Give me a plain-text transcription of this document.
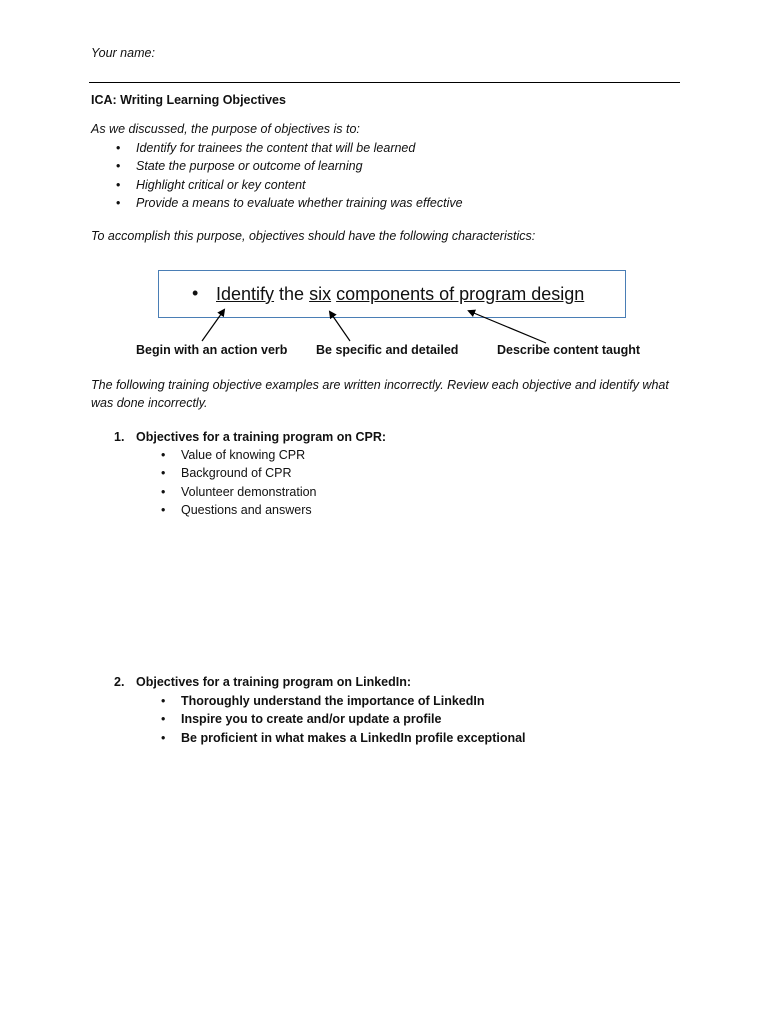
Your name:
ICA: Writing Learning Objectives
As we discussed, the purpose of objectives is to:
• Identify for trainees the content that will be learned
• State the purpose or outcome of learning
• Highlight critical or key content
• Provide a means to evaluate whether training was effective
To accomplish this purpose, objectives should have the following characteristics:
• Identify the six components of program design
Begin with an action verb Be specific and detailed	Describe content taught
The following training objective examples are written incorrectly. Review each objective and identify what was done incorrectly.
1. Objectives for a training program on CPR:
• Value of knowing CPR
• Background of CPR
• Volunteer demonstration
• Questions and answers
2. Objectives for a training program on LinkedIn:
• Thoroughly understand the importance of LinkedIn
• Inspire you to create and/or update a profile
• Be proficient in what makes a LinkedIn profile exceptional
